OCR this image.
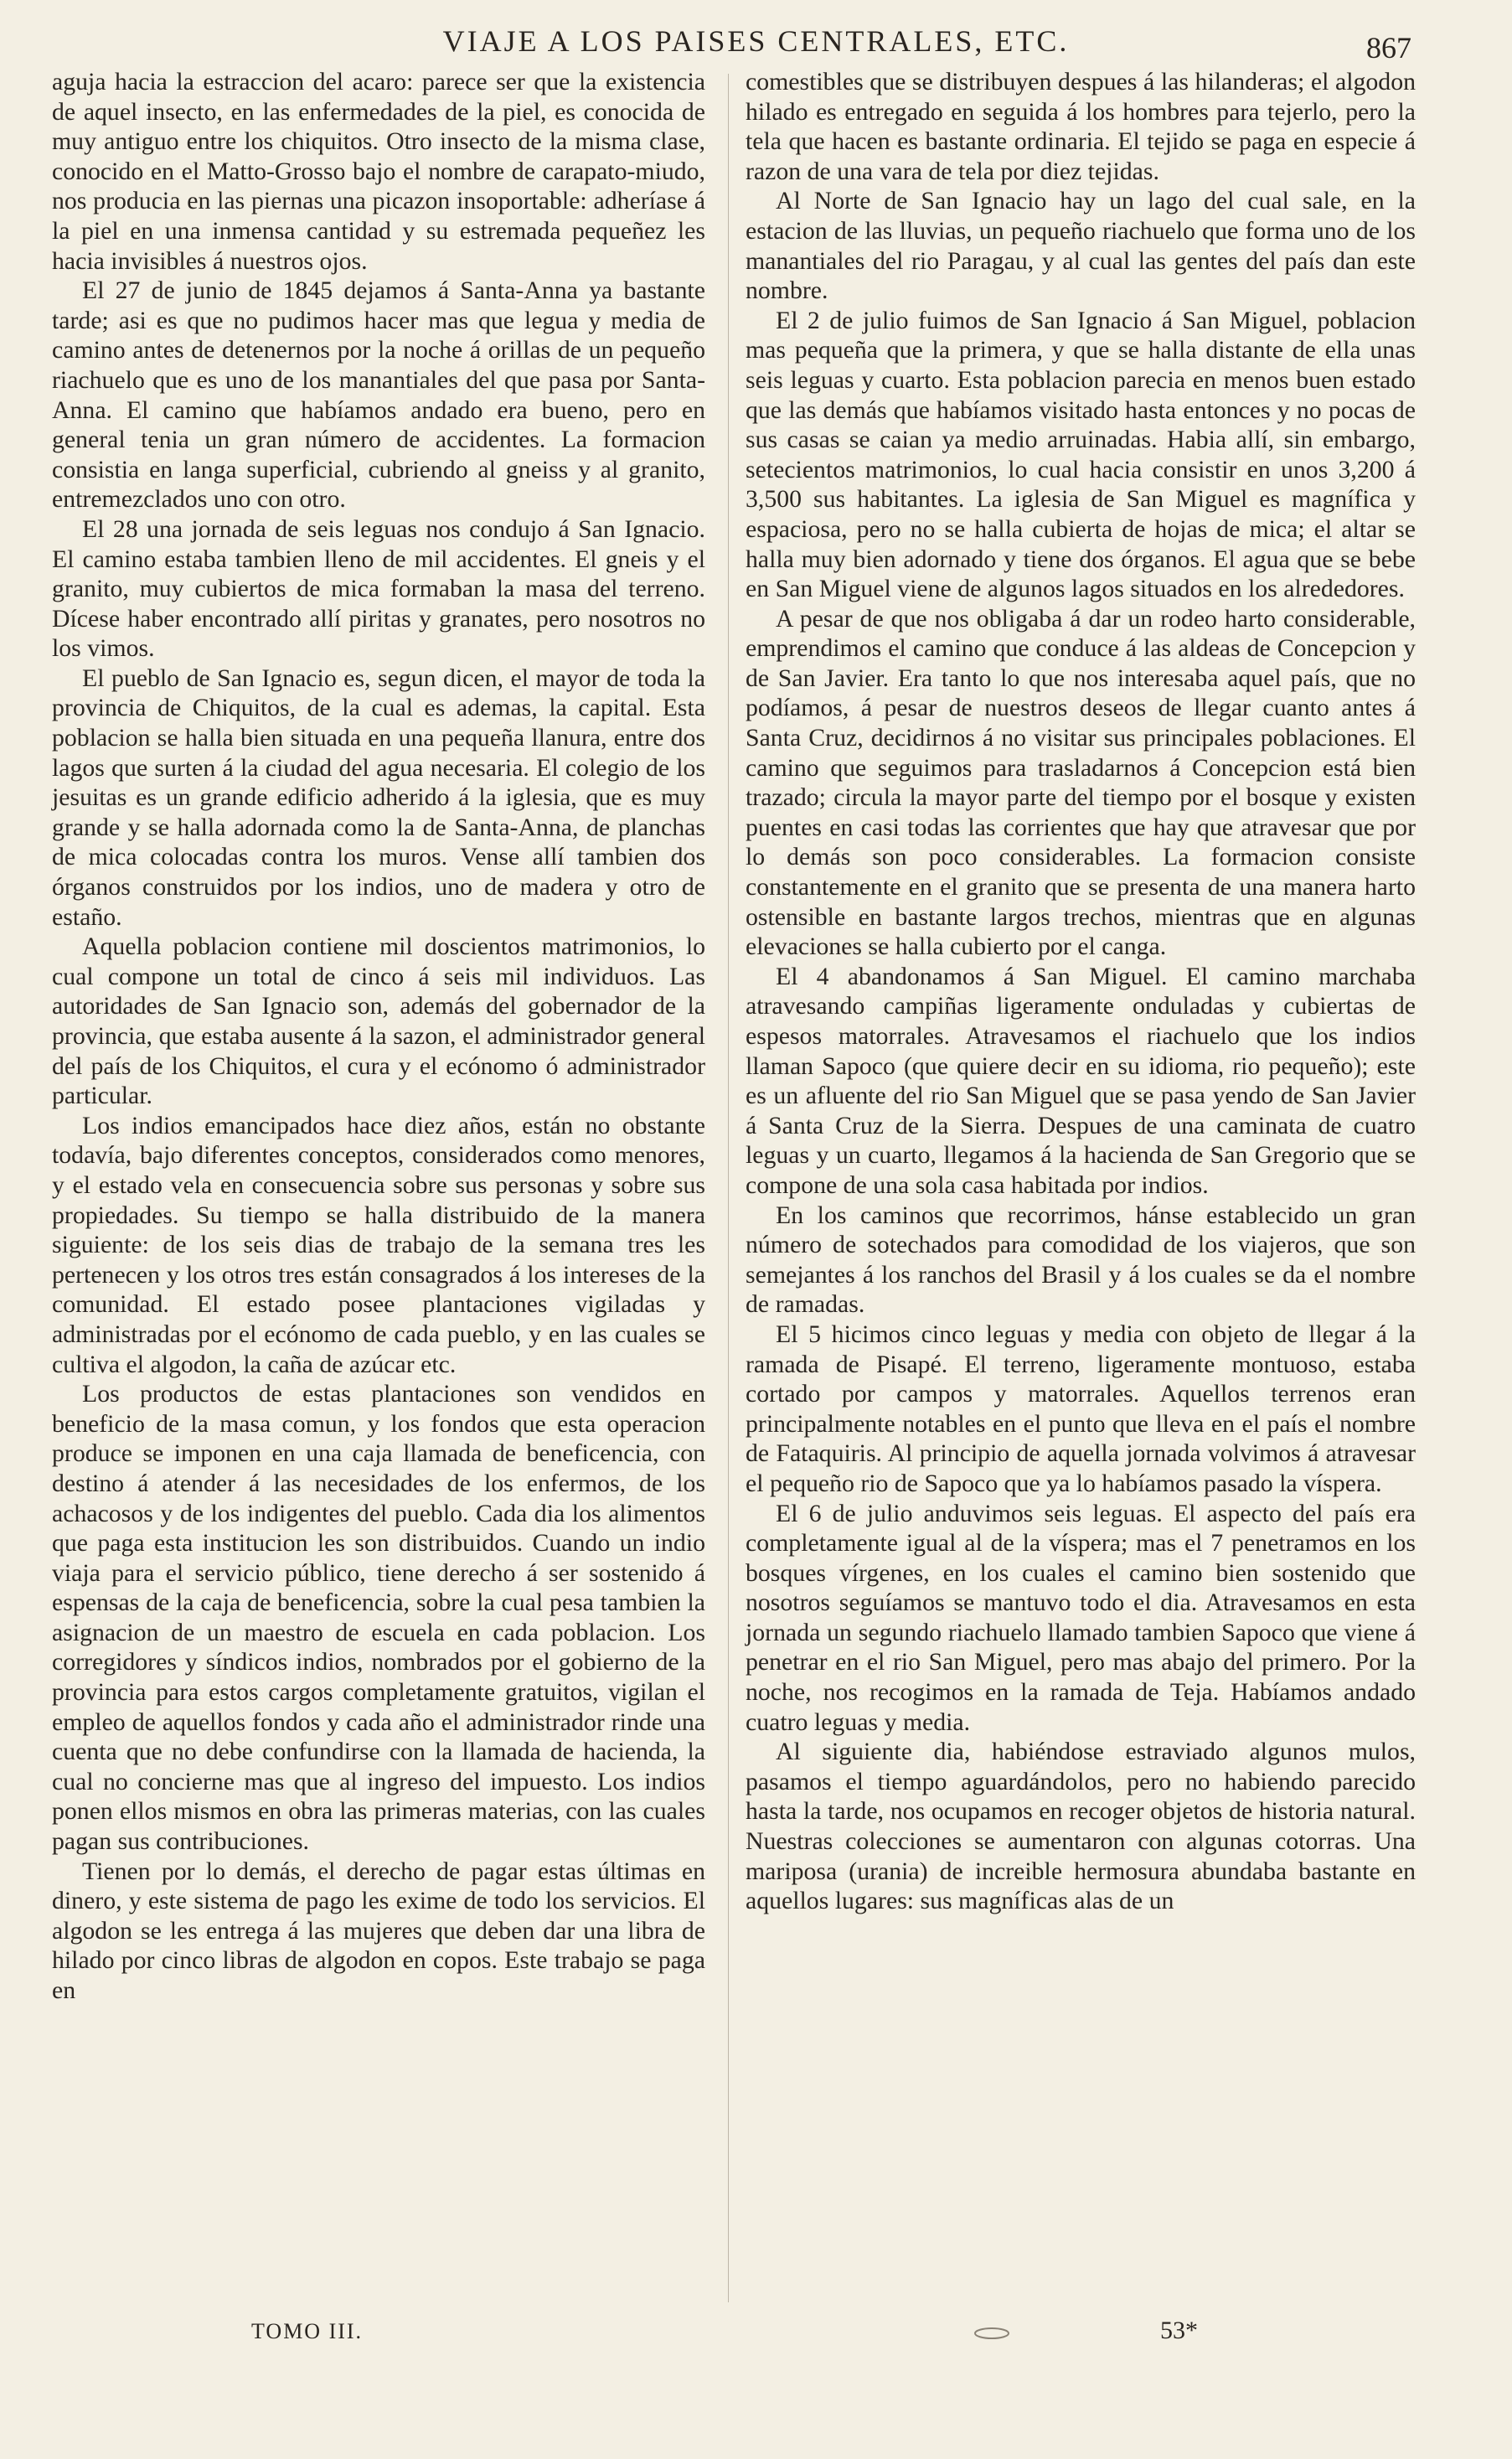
VIAJE A LOS PAISES CENTRALES, ETC.	867

aguja hacia la estraccion del acaro: parece ser que la existencia de aquel insecto, en las enfermedades de la piel, es conocida de muy antiguo entre los chiquitos. Otro insecto de la misma clase, conocido en el Matto-Grosso bajo el nombre de carapato-miudo, nos producia en las piernas una picazon insoportable: adheríase á la piel en una inmensa cantidad y su estremada pequeñez les hacia invisibles á nuestros ojos.

El 27 de junio de 1845 dejamos á Santa-Anna ya bastante tarde; asi es que no pudimos hacer mas que legua y media de camino antes de detenernos por la noche á orillas de un pequeño riachuelo que es uno de los manantiales del que pasa por Santa-Anna. El camino que habíamos andado era bueno, pero en general tenia un gran número de accidentes. La formacion consistia en langa superficial, cubriendo al gneiss y al granito, entremezclados uno con otro.

El 28 una jornada de seis leguas nos condujo á San Ignacio. El camino estaba tambien lleno de mil accidentes. El gneis y el granito, muy cubiertos de mica formaban la masa del terreno. Dícese haber encontrado allí piritas y granates, pero nosotros no los vimos.

El pueblo de San Ignacio es, segun dicen, el mayor de toda la provincia de Chiquitos, de la cual es ademas, la capital. Esta poblacion se halla bien situada en una pequeña llanura, entre dos lagos que surten á la ciudad del agua necesaria. El colegio de los jesuitas es un grande edificio adherido á la iglesia, que es muy grande y se halla adornada como la de Santa-Anna, de planchas de mica colocadas contra los muros. Vense allí tambien dos órganos construidos por los indios, uno de madera y otro de estaño.

Aquella poblacion contiene mil doscientos matrimonios, lo cual compone un total de cinco á seis mil individuos. Las autoridades de San Ignacio son, además del gobernador de la provincia, que estaba ausente á la sazon, el administrador general del país de los Chiquitos, el cura y el ecónomo ó administrador particular.

Los indios emancipados hace diez años, están no obstante todavía, bajo diferentes conceptos, considerados como menores, y el estado vela en consecuencia sobre sus personas y sobre sus propiedades. Su tiempo se halla distribuido de la manera siguiente: de los seis dias de trabajo de la semana tres les pertenecen y los otros tres están consagrados á los intereses de la comunidad. El estado posee plantaciones vigiladas y administradas por el ecónomo de cada pueblo, y en las cuales se cultiva el algodon, la caña de azúcar etc.

Los productos de estas plantaciones son vendidos en beneficio de la masa comun, y los fondos que esta operacion produce se imponen en una caja llamada de beneficencia, con destino á atender á las necesidades de los enfermos, de los achacosos y de los indigentes del pueblo. Cada dia los alimentos que paga esta institucion les son distribuidos. Cuando un indio viaja para el servicio público, tiene derecho á ser sostenido á espensas de la caja de beneficencia, sobre la cual pesa tambien la asignacion de un maestro de escuela en cada poblacion. Los corregidores y síndicos indios, nombrados por el gobierno de la provincia para estos cargos completamente gratuitos, vigilan el empleo de aquellos fondos y cada año el administrador rinde una cuenta que no debe confundirse con la llamada de hacienda, la cual no concierne mas que al ingreso del impuesto. Los indios ponen ellos mismos en obra las primeras materias, con las cuales pagan sus contribuciones.

Tienen por lo demás, el derecho de pagar estas últimas en dinero, y este sistema de pago les exime de todo los servicios. El algodon se les entrega á las mujeres que deben dar una libra de hilado por cinco libras de algodon en copos. Este trabajo se paga en

comestibles que se distribuyen despues á las hilanderas; el algodon hilado es entregado en seguida á los hombres para tejerlo, pero la tela que hacen es bastante ordinaria. El tejido se paga en especie á razon de una vara de tela por diez tejidas.

Al Norte de San Ignacio hay un lago del cual sale, en la estacion de las lluvias, un pequeño riachuelo que forma uno de los manantiales del rio Paragau, y al cual las gentes del país dan este nombre.

El 2 de julio fuimos de San Ignacio á San Miguel, poblacion mas pequeña que la primera, y que se halla distante de ella unas seis leguas y cuarto. Esta poblacion parecia en menos buen estado que las demás que habíamos visitado hasta entonces y no pocas de sus casas se caian ya medio arruinadas. Habia allí, sin embargo, setecientos matrimonios, lo cual hacia consistir en unos 3,200 á 3,500 sus habitantes. La iglesia de San Miguel es magnífica y espaciosa, pero no se halla cubierta de hojas de mica; el altar se halla muy bien adornado y tiene dos órganos. El agua que se bebe en San Miguel viene de algunos lagos situados en los alrededores.

A pesar de que nos obligaba á dar un rodeo harto considerable, emprendimos el camino que conduce á las aldeas de Concepcion y de San Javier. Era tanto lo que nos interesaba aquel país, que no podíamos, á pesar de nuestros deseos de llegar cuanto antes á Santa Cruz, decidirnos á no visitar sus principales poblaciones. El camino que seguimos para trasladarnos á Concepcion está bien trazado; circula la mayor parte del tiempo por el bosque y existen puentes en casi todas las corrientes que hay que atravesar que por lo demás son poco considerables. La formacion consiste constantemente en el granito que se presenta de una manera harto ostensible en bastante largos trechos, mientras que en algunas elevaciones se halla cubierto por el canga.

El 4 abandonamos á San Miguel. El camino marchaba atravesando campiñas ligeramente onduladas y cubiertas de espesos matorrales. Atravesamos el riachuelo que los indios llaman Sapoco (que quiere decir en su idioma, rio pequeño); este es un afluente del rio San Miguel que se pasa yendo de San Javier á Santa Cruz de la Sierra. Despues de una caminata de cuatro leguas y un cuarto, llegamos á la hacienda de San Gregorio que se compone de una sola casa habitada por indios.

En los caminos que recorrimos, hánse establecido un gran número de sotechados para comodidad de los viajeros, que son semejantes á los ranchos del Brasil y á los cuales se da el nombre de ramadas.

El 5 hicimos cinco leguas y media con objeto de llegar á la ramada de Pisapé. El terreno, ligeramente montuoso, estaba cortado por campos y matorrales. Aquellos terrenos eran principalmente notables en el punto que lleva en el país el nombre de Fataquiris. Al principio de aquella jornada volvimos á atravesar el pequeño rio de Sapoco que ya lo habíamos pasado la víspera.

El 6 de julio anduvimos seis leguas. El aspecto del país era completamente igual al de la víspera; mas el 7 penetramos en los bosques vírgenes, en los cuales el camino bien sostenido que nosotros seguíamos se mantuvo todo el dia. Atravesamos en esta jornada un segundo riachuelo llamado tambien Sapoco que viene á penetrar en el rio San Miguel, pero mas abajo del primero. Por la noche, nos recogimos en la ramada de Teja. Habíamos andado cuatro leguas y media.

Al siguiente dia, habiéndose estraviado algunos mulos, pasamos el tiempo aguardándolos, pero no habiendo parecido hasta la tarde, nos ocupamos en recoger objetos de historia natural. Nuestras colecciones se aumentaron con algunas cotorras. Una mariposa (urania) de increible hermosura abundaba bastante en aquellos lugares: sus magníficas alas de un

TOMO III.	53*
